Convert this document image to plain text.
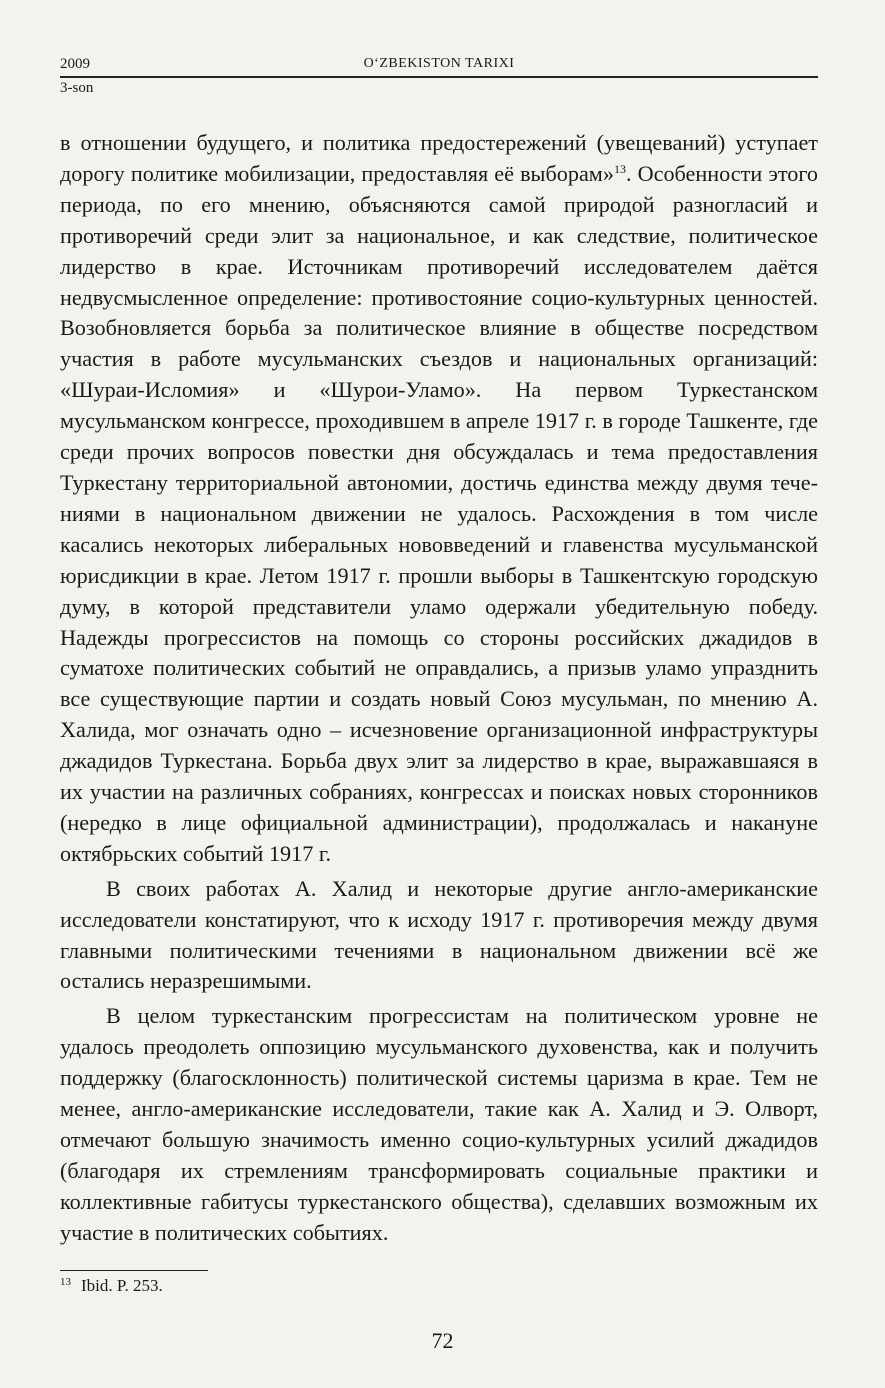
2009	O‘ZBEKISTON TARIXI
3-son

в отношении будущего, и политика предостережений (увещеваний) уступает дорогу политике мобилизации, предоставляя её выборам»$^{13}$. Особенности этого периода, по его мнению, объясняются самой природой разногласий и противоречий среди элит за национальное, и как следствие, политическое лидерство в крае. Источникам противоречий исследователем даётся недвусмысленное определение: противостояние социо-культурных ценностей. Возобновляется борьба за политическое влияние в обществе посредством участия в работе мусульманских съездов и национальных организаций: «Шураи-Исломия» и «Шурои-Уламо». На первом Туркестанском мусульманском конгрессе, проходившем в апреле 1917 г. в городе Ташкенте, где среди прочих вопросов повестки дня обсуждалась и тема предоставления Туркестану территориальной автономии, достичь единства между двумя течениями в национальном движении не удалось. Расхождения в том числе касались некоторых либеральных нововведений и главенства мусульманской юрисдикции в крае. Летом 1917 г. прошли выборы в Ташкентскую городскую думу, в которой представители уламо одержали убедительную победу. Надежды прогрессистов на помощь со стороны российских джадидов в суматохе политических событий не оправдались, а призыв уламо упразднить все существующие партии и создать новый Союз мусульман, по мнению А. Халида, мог означать одно – исчезновение организационной инфраструктуры джадидов Туркестана. Борьба двух элит за лидерство в крае, выражавшаяся в их участии на различных собраниях, конгрессах и поисках новых сторонников (нередко в лице официальной администрации), продолжалась и накануне октябрьских событий 1917 г.

В своих работах А. Халид и некоторые другие англо-американские исследователи констатируют, что к исходу 1917 г. противоречия между двумя главными политическими течениями в национальном движении всё же остались неразрешимыми.

В целом туркестанским прогрессистам на политическом уровне не удалось преодолеть оппозицию мусульманского духовенства, как и получить поддержку (благосклонность) политической системы царизма в крае. Тем не менее, англо-американские исследователи, такие как А. Халид и Э. Олворт, отмечают большую значимость именно социо-культурных усилий джадидов (благодаря их стремлениям трансформировать социальные практики и коллективные габитусы туркестанского общества), сделавших возможным их участие в политических событиях.

$^{13}$ Ibid. P. 253.
72
